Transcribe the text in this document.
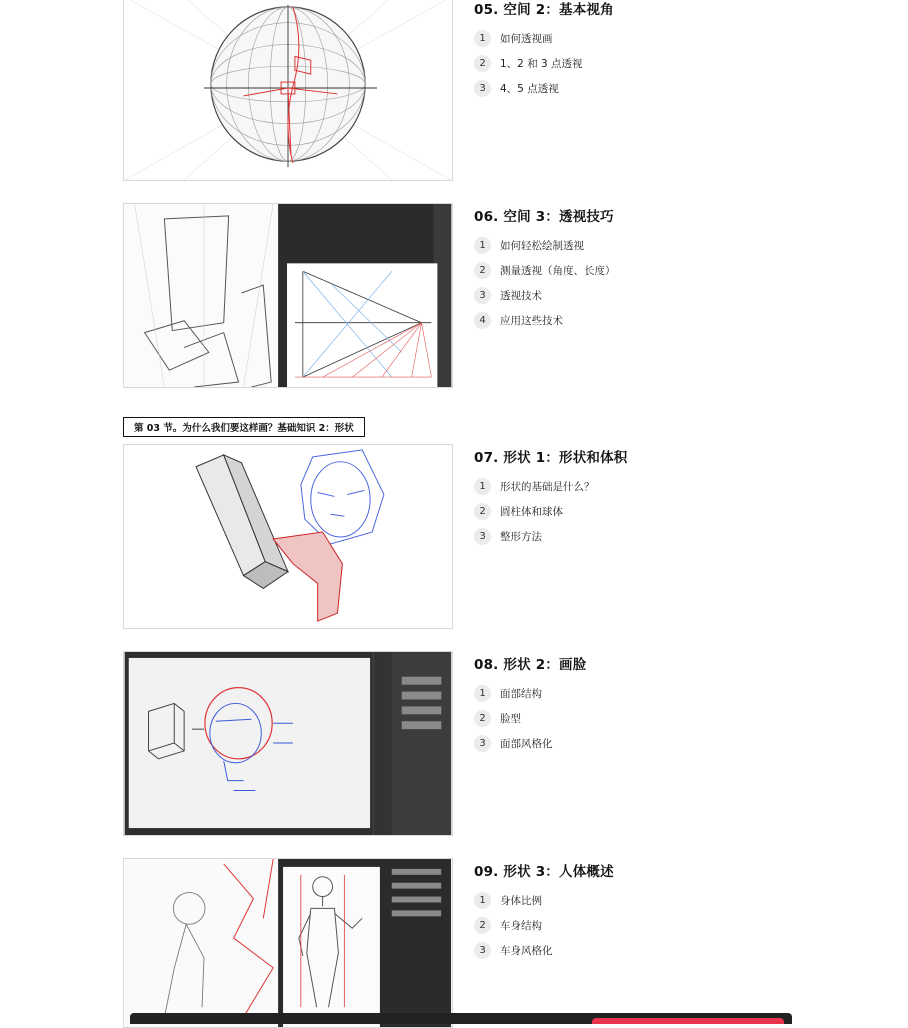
05. 空间 2：基本视角
1	如何透视画
2	1、2 和 3 点透视
3	4、5 点透视
06. 空间 3：透视技巧
1	如何轻松绘制透视
2	测量透视（角度、长度）
3	透视技术
4	应用这些技术
第 03 节。为什么我们要这样画？基础知识 2：形状
07. 形状 1：形状和体积
1	形状的基础是什么？
2	圆柱体和球体
3	整形方法
08. 形状 2：画脸
1	面部结构
2	脸型
3	面部风格化
09. 形状 3：人体概述
1	身体比例
2	车身结构
3	车身风格化
